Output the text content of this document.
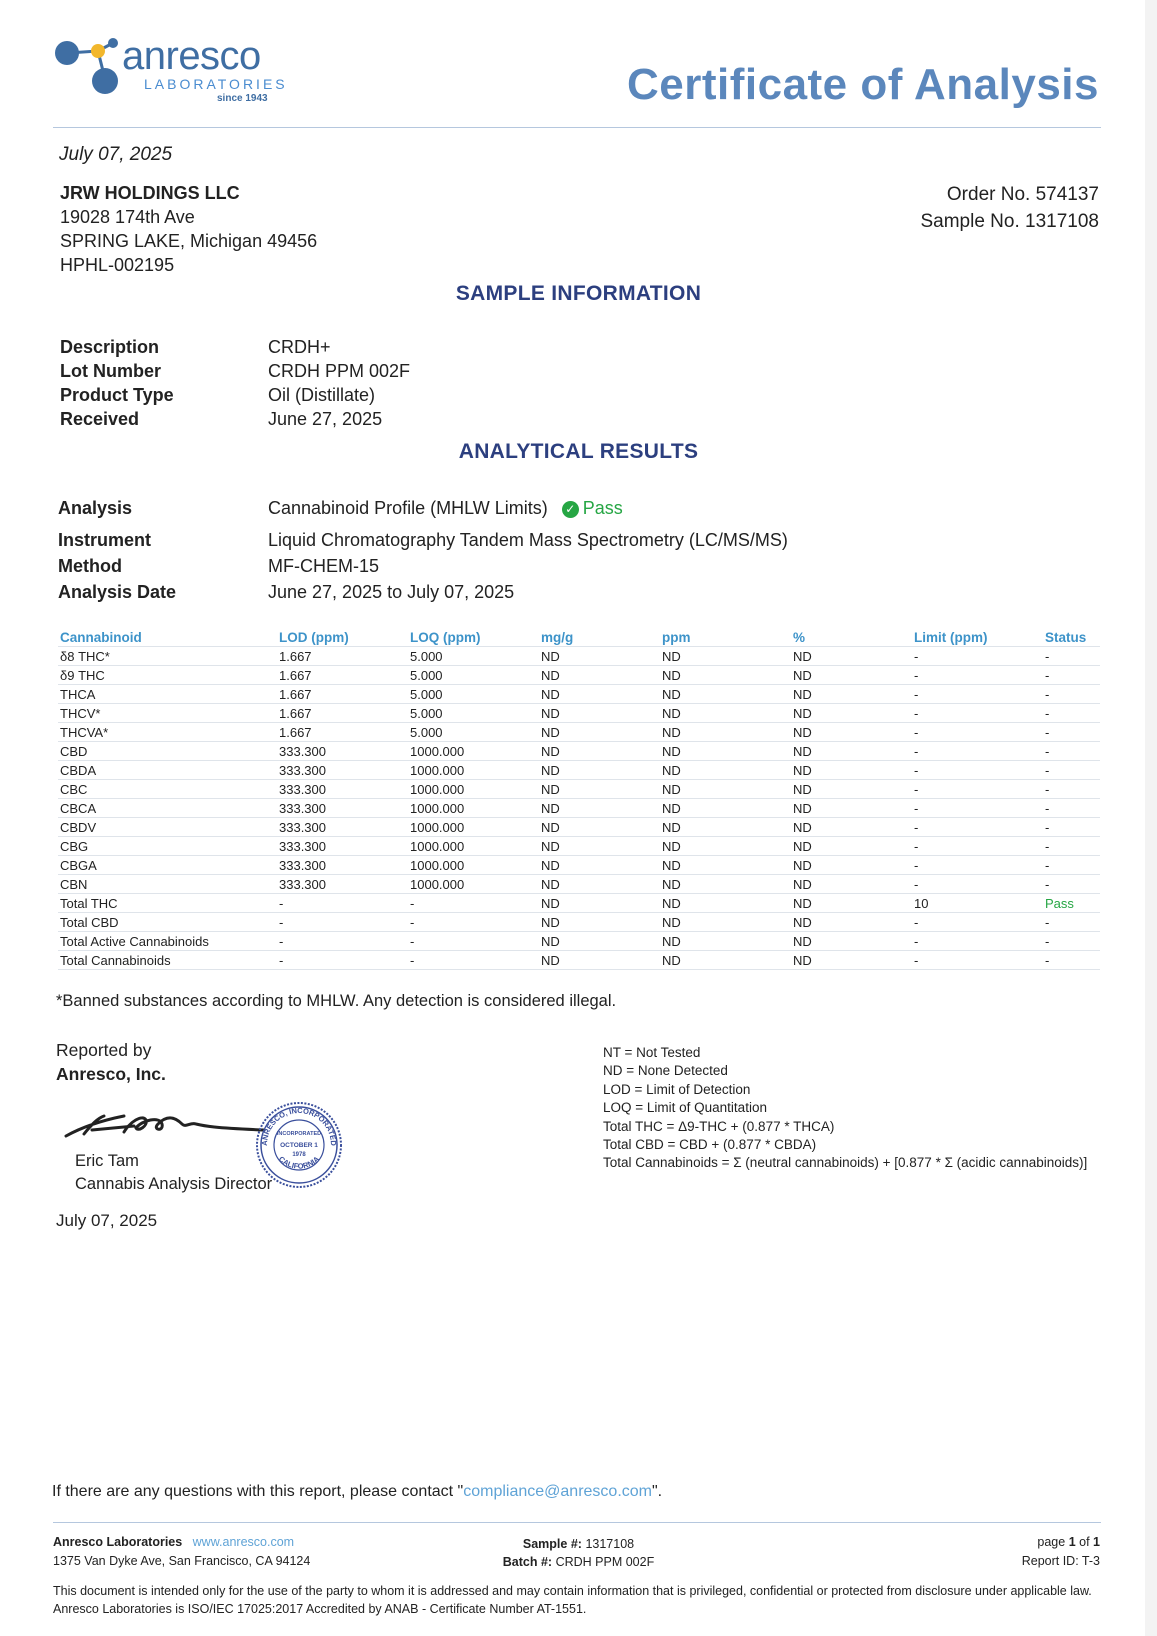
anresco
LABORATORIES
since 1943	Certificate of Analysis
July 07, 2025
JRW HOLDINGS LLC
19028 174th Ave
SPRING LAKE, Michigan 49456
HPHL-002195
Order No. 574137
Sample No. 1317108
SAMPLE INFORMATION
Description	CRDH+
Lot Number	CRDH PPM 002F
Product Type	Oil (Distillate)
Received	June 27, 2025
ANALYTICAL RESULTS
Analysis	Cannabinoid Profile (MHLW Limits) ✓ Pass
Instrument	Liquid Chromatography Tandem Mass Spectrometry (LC/MS/MS)
Method	MF-CHEM-15
Analysis Date	June 27, 2025 to July 07, 2025
Cannabinoid	LOD (ppm)	LOQ (ppm)	mg/g	ppm	%	Limit (ppm)	Status
δ8 THC*	1.667	5.000	ND	ND	ND	-	-
δ9 THC	1.667	5.000	ND	ND	ND	-	-
THCA	1.667	5.000	ND	ND	ND	-	-
THCV*	1.667	5.000	ND	ND	ND	-	-
THCVA*	1.667	5.000	ND	ND	ND	-	-
CBD	333.300	1000.000	ND	ND	ND	-	-
CBDA	333.300	1000.000	ND	ND	ND	-	-
CBC	333.300	1000.000	ND	ND	ND	-	-
CBCA	333.300	1000.000	ND	ND	ND	-	-
CBDV	333.300	1000.000	ND	ND	ND	-	-
CBG	333.300	1000.000	ND	ND	ND	-	-
CBGA	333.300	1000.000	ND	ND	ND	-	-
CBN	333.300	1000.000	ND	ND	ND	-	-
Total THC	-	-	ND	ND	ND	10	Pass
Total CBD	-	-	ND	ND	ND	-	-
Total Active Cannabinoids	-	-	ND	ND	ND	-	-
Total Cannabinoids	-	-	ND	ND	ND	-	-
*Banned substances according to MHLW. Any detection is considered illegal.
Reported by
Anresco, Inc.
ANRESCO, INCORPORATED
CALIFORNIA
INCORPORATED
OCTOBER 1
1978
Eric Tam
Cannabis Analysis Director
July 07, 2025
NT = Not Tested
ND = None Detected
LOD = Limit of Detection
LOQ = Limit of Quantitation
Total THC = Δ9-THC + (0.877 * THCA)
Total CBD = CBD + (0.877 * CBDA)
Total Cannabinoids = Σ (neutral cannabinoids) + [0.877 * Σ (acidic cannabinoids)]
If there are any questions with this report, please contact "compliance@anresco.com".
Anresco Laboratories www.anresco.com
1375 Van Dyke Ave, San Francisco, CA 94124
Sample #: 1317108
Batch #: CRDH PPM 002F
page 1 of 1
Report ID: T-3
This document is intended only for the use of the party to whom it is addressed and may contain information that is privileged, confidential or protected from disclosure under applicable law. Anresco Laboratories is ISO/IEC 17025:2017 Accredited by ANAB - Certificate Number AT-1551.
